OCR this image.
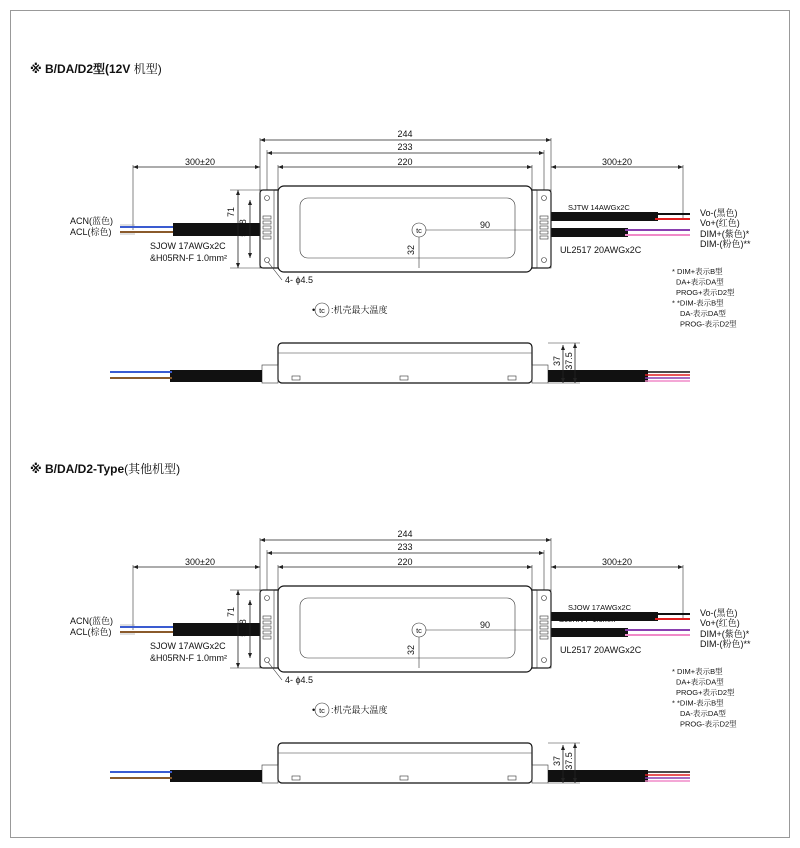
※ B/DA/D2型(12V 机型)
244
233
220
300±20	300±20
71
53.8	tc
90
32
4- ϕ4.5
ACN(蓝色)
ACL(棕色)
SJOW 17AWGx2C
&H05RN-F 1.0mm²
SJTW 14AWGx2C
UL2517 20AWGx2C
Vo-(黑色)
Vo+(红色)
DIM+(紫色)*
DIM-(粉色)**
* DIM+表示B型
DA+表示DA型
PROG+表示D2型
* *DIM-表示B型
DA-表示DA型
PROG-表示D2型
tc
• :机壳最大温度
37 37.5
※ B/DA/D2-Type(其他机型)
244
233
220
300±20	300±20
71
53.8	tc
90
32
4- ϕ4.5
ACN(蓝色)
ACL(棕色)
SJOW 17AWGx2C
&H05RN-F 1.0mm²
SJOW 17AWGx2C
&05RN-F 1.0mm²
UL2517 20AWGx2C
Vo-(黑色)
Vo+(红色)
DIM+(紫色)*
DIM-(粉色)**
* DIM+表示B型
DA+表示DA型
PROG+表示D2型
* *DIM-表示B型
DA-表示DA型
PROG-表示D2型
tc
• :机壳最大温度
37 37.5
